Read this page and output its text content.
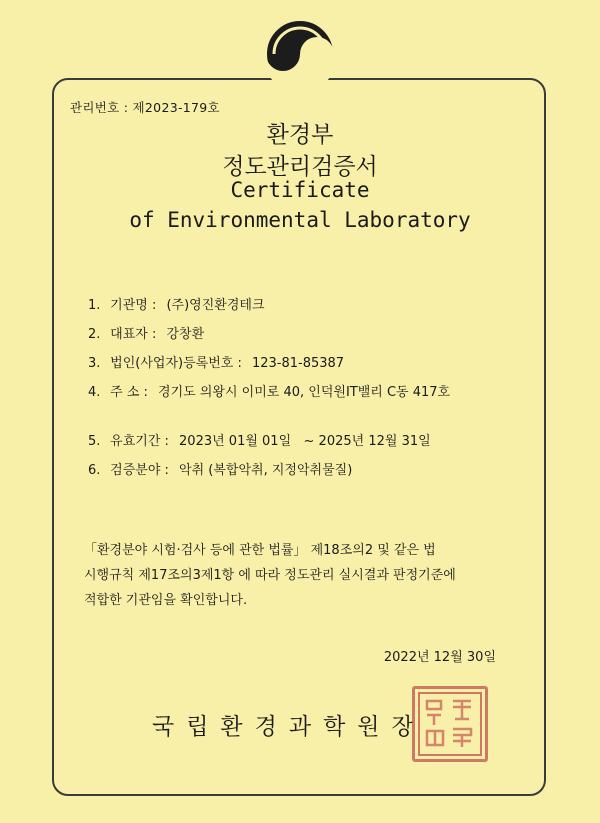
관리번호 : 제2023-179호
환경부
정도관리검증서
Certificate
of Environmental Laboratory
1. 기관명 : (주)영진환경테크
2. 대표자 : 강창환
3. 법인(사업자)등록번호 : 123-81-85387
4. 주 소 : 경기도 의왕시 이미로 40, 인덕원IT밸리 C동 417호
5. 유효기간 : 2023년 01월 01일   ~ 2025년 12월 31일
6. 검증분야 : 악취 (복합악취, 지정악취물질)

「환경분야 시험·검사 등에 관한 법률」 제18조의2 및 같은 법

시행규칙 제17조의3제1항 에 따라 정도관리 실시결과 판정기준에

적합한 기관임을 확인합니다.

2022년 12월 30일
국립환경과학원장
